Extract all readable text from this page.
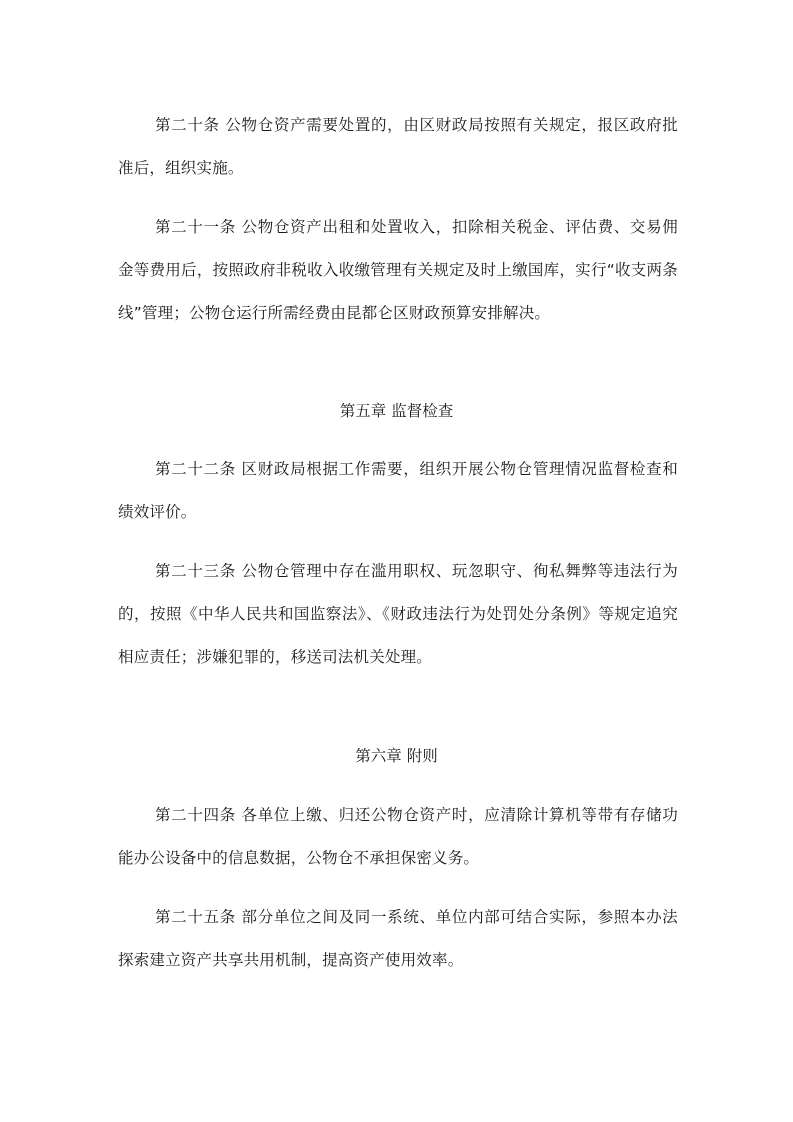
第二十条 公物仓资产需要处置的，由区财政局按照有关规定，报区政府批准后，组织实施。

第二十一条 公物仓资产出租和处置收入，扣除相关税金、评估费、交易佣金等费用后，按照政府非税收入收缴管理有关规定及时上缴国库，实行“收支两条线”管理；公物仓运行所需经费由昆都仑区财政预算安排解决。

第五章 监督检查

第二十二条 区财政局根据工作需要，组织开展公物仓管理情况监督检查和绩效评价。

第二十三条 公物仓管理中存在滥用职权、玩忽职守、徇私舞弊等违法行为的，按照《中华人民共和国监察法》、《财政违法行为处罚处分条例》等规定追究相应责任；涉嫌犯罪的，移送司法机关处理。

第六章 附则

第二十四条 各单位上缴、归还公物仓资产时，应清除计算机等带有存储功能办公设备中的信息数据，公物仓不承担保密义务。

第二十五条 部分单位之间及同一系统、单位内部可结合实际，参照本办法探索建立资产共享共用机制，提高资产使用效率。
